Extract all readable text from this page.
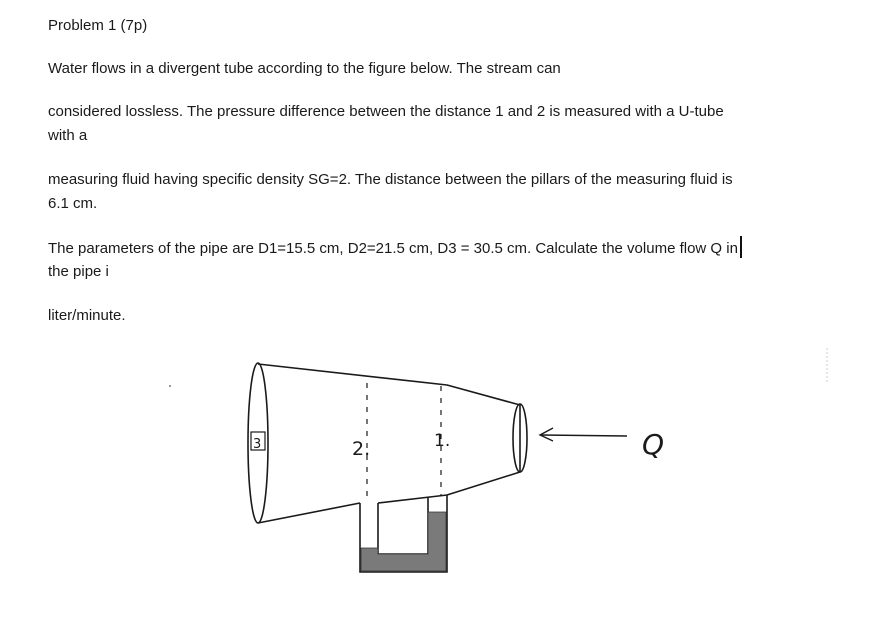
Problem 1 (7p)
Water flows in a divergent tube according to the figure below. The stream can
considered lossless. The pressure difference between the distance 1 and 2 is measured with a U-tube
with a
measuring fluid having specific density SG=2. The distance between the pillars of the measuring fluid is
6.1 cm.
The parameters of the pipe are D1=15.5 cm, D2=21.5 cm, D3 = 30.5 cm. Calculate the volume flow Q in
the pipe i
liter/minute.
3	2.	1.	Q
